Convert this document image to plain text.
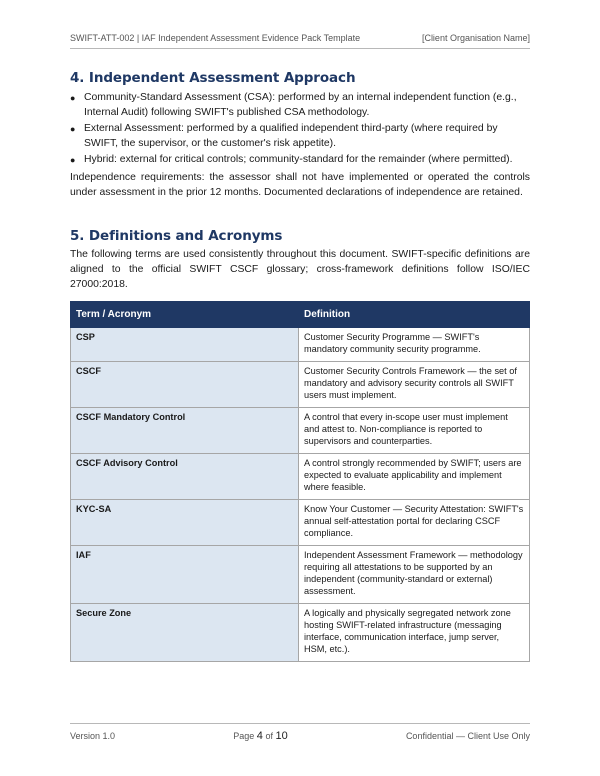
SWIFT-ATT-002 | IAF Independent Assessment Evidence Pack Template	[Client Organisation Name]
4. Independent Assessment Approach
● Community-Standard Assessment (CSA): performed by an internal independent function (e.g., Internal Audit) following SWIFT's published CSA methodology.
● External Assessment: performed by a qualified independent third-party (where required by SWIFT, the supervisor, or the customer's risk appetite).
● Hybrid: external for critical controls; community-standard for the remainder (where permitted).

Independence requirements: the assessor shall not have implemented or operated the controls under assessment in the prior 12 months. Documented declarations of independence are retained.

5. Definitions and Acronyms

The following terms are used consistently throughout this document. SWIFT-specific definitions are aligned to the official SWIFT CSCF glossary; cross-framework definitions follow ISO/IEC 27000:2018.

Term / Acronym	Definition
CSP	Customer Security Programme — SWIFT's mandatory community security programme.
CSCF	Customer Security Controls Framework — the set of mandatory and advisory security controls all SWIFT users must implement.
CSCF Mandatory Control	A control that every in-scope user must implement and attest to. Non-compliance is reported to supervisors and counterparties.
CSCF Advisory Control	A control strongly recommended by SWIFT; users are expected to evaluate applicability and implement where feasible.
KYC-SA	Know Your Customer — Security Attestation: SWIFT's annual self-attestation portal for declaring CSCF compliance.
IAF	Independent Assessment Framework — methodology requiring all attestations to be supported by an independent (community-standard or external) assessment.
Secure Zone	A logically and physically segregated network zone hosting SWIFT-related infrastructure (messaging interface, communication interface, jump server, HSM, etc.).
Version 1.0	Page 4 of 10	Confidential — Client Use Only
